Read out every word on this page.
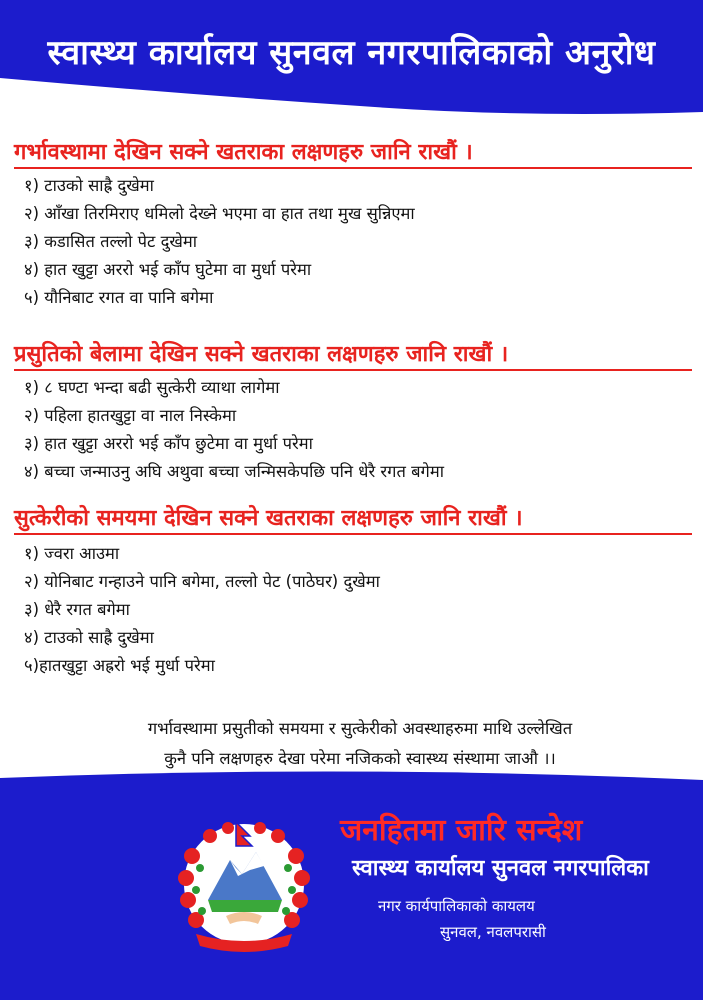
स्वास्थ्य कार्यालय सुनवल नगरपालिकाको अनुरोध
गर्भावस्थामा देखिन सक्ने खतराका लक्षणहरु जानि राखौं ।
१) टाउको साह्रै दुखेमा
२) आँखा तिरमिराए धमिलो देख्ने भएमा वा हात तथा मुख सुन्निएमा
३) कडासित तल्लो पेट दुखेमा
४) हात खुट्टा अररो भई काँप घुटेमा वा मुर्धा परेमा
५) यौनिबाट रगत वा पानि बगेमा
प्रसुतिको बेलामा देखिन सक्ने खतराका लक्षणहरु जानि राखौं ।
१) ८ घण्टा भन्दा बढी सुत्केरी व्याथा लागेमा
२) पहिला हातखुट्टा वा नाल निस्केमा
३) हात खुट्टा अररो भई काँप छुटेमा वा मुर्धा परेमा
४) बच्चा जन्माउनु अघि अथुवा बच्चा जन्मिसकेपछि पनि धेरै रगत बगेमा
सुत्केरीको समयमा देखिन सक्ने खतराका लक्षणहरु जानि राखौं ।
१) ज्वरा आउमा
२) योनिबाट गन्हाउने पानि बगेमा, तल्लो पेट (पाठेघर) दुखेमा
३) धेरै रगत बगेमा
४) टाउको साह्रै दुखेमा
५)हातखुट्टा अह्ररो भई मुर्धा परेमा
गर्भावस्थामा प्रसुतीको समयमा र सुत्केरीको अवस्थाहरुमा माथि उल्लेखित
कुनै पनि लक्षणहरु देखा परेमा नजिकको स्वास्थ्य संस्थामा जाऔ ।।
जनहितमा जारि सन्देश
स्वास्थ्य कार्यालय सुनवल नगरपालिका
नगर कार्यपालिकाको कायलय
सुनवल, नवलपरासी
